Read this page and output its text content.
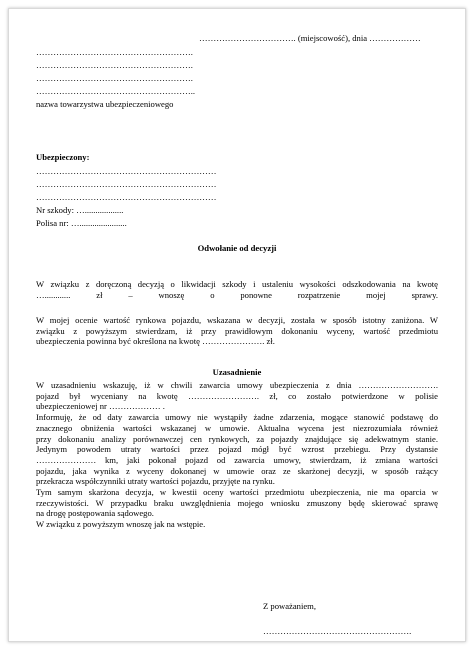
……………………………. (miejscowość), dnia ………………
……………………………………………….
……………………………………………….
……………………………………………….
………………………………………………..
nazwa towarzystwa ubezpieczeniowego
Ubezpieczony:
………………………………………………………
………………………………………………………
………………………………………………………
Nr szkody: …..................
Polisa nr: …......................
Odwołanie od decyzji
W związku z doręczoną decyzją o likwidacji szkody i ustaleniu wysokości odszkodowania na kwotę
…............ zł – wnoszę o ponowne rozpatrzenie mojej sprawy.
W mojej ocenie wartość rynkowa pojazdu, wskazana w decyzji, została w sposób istotny zaniżona. W
związku z powyższym stwierdzam, iż przy prawidłowym dokonaniu wyceny, wartość przedmiotu
ubezpieczenia powinna być określona na kwotę …………………. zł.
Uzasadnienie
W uzasadnieniu wskazuję, iż w chwili zawarcia umowy ubezpieczenia z dnia ……………………….
pojazd był wyceniany na kwotę ……………………. zł, co zostało potwierdzone w polisie
ubezpieczeniowej nr ……………… .
Informuję, że od daty zawarcia umowy nie wystąpiły żadne zdarzenia, mogące stanowić podstawę do
znacznego obniżenia wartości wskazanej w umowie. Aktualna wycena jest niezrozumiała również
przy dokonaniu analizy porównawczej cen rynkowych, za pojazdy znajdujące się adekwatnym stanie.
Jedynym powodem utraty wartości przez pojazd mógł być wzrost przebiegu. Przy dystansie
………………… km, jaki pokonał pojazd od zawarcia umowy, stwierdzam, iż zmiana wartości
pojazdu, jaka wynika z wyceny dokonanej w umowie oraz ze skarżonej decyzji, w sposób rażący
przekracza współczynniki utraty wartości pojazdu, przyjęte na rynku.
Tym samym skarżona decyzja, w kwestii oceny wartości przedmiotu ubezpieczenia, nie ma oparcia w
rzeczywistości. W przypadku braku uwzględnienia mojego wniosku zmuszony będę skierować sprawę
na drogę postępowania sądowego.
W związku z powyższym wnoszę jak na wstępie.
Z poważaniem,
…………………………………………….
